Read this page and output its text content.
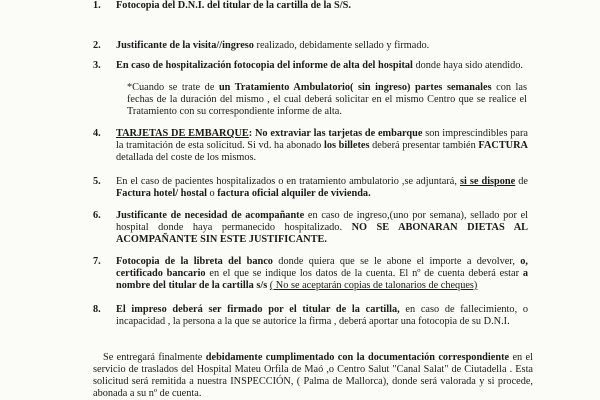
1. Fotocopia del D.N.I. del titular de la cartilla de la S/S.
2. Justificante de la visita//ingreso realizado, debidamente sellado y firmado.
3. En caso de hospitalización fotocopia del informe de alta del hospital donde haya sido atendido.
*Cuando se trate de un Tratamiento Ambulatorio( sin ingreso) partes semanales con las fechas de la duración del mismo , el cual deberá solicitar en el mismo Centro que se realice el Tratamiento con su correspondiente informe de alta.
4. TARJETAS DE EMBARQUE: No extraviar las tarjetas de embarque son imprescindibles para la tramitación de esta solicitud. Si vd. ha abonado los billetes deberá presentar también FACTURA detallada del coste de los mismos.
5. En el caso de pacientes hospitalizados o en tratamiento ambulatorio ,se adjuntará, si se dispone de Factura hotel/ hostal o factura oficial alquiler de vivienda.
6. Justificante de necesidad de acompañante en caso de ingreso,(uno por semana), sellado por el hospital donde haya permanecido hospitalizado. NO SE ABONARAN DIETAS AL ACOMPAÑANTE SIN ESTE JUSTIFICANTE.
7. Fotocopia de la libreta del banco donde quiera que se le abone el importe a devolver, o, certificado bancario en el que se indique los datos de la cuenta. El nº de cuenta deberá estar a nombre del titular de la cartilla s/s ( No se aceptarán copias de talonarios de cheques)
8. El impreso deberá ser firmado por el titular de la cartilla, en caso de fallecimiento, o incapacidad , la persona a la que se autorice la firma , deberá aportar una fotocopia de su D.N.I.
Se entregará finalmente debidamente cumplimentado con la documentación correspondiente en el servicio de traslados del Hospital Mateu Orfila de Maó ,o Centro Salut "Canal Salat" de Ciutadella . Esta solicitud será remitida a nuestra INSPECCIÓN, ( Palma de Mallorca), donde será valorada y si procede, abonada a su nº de cuenta.
